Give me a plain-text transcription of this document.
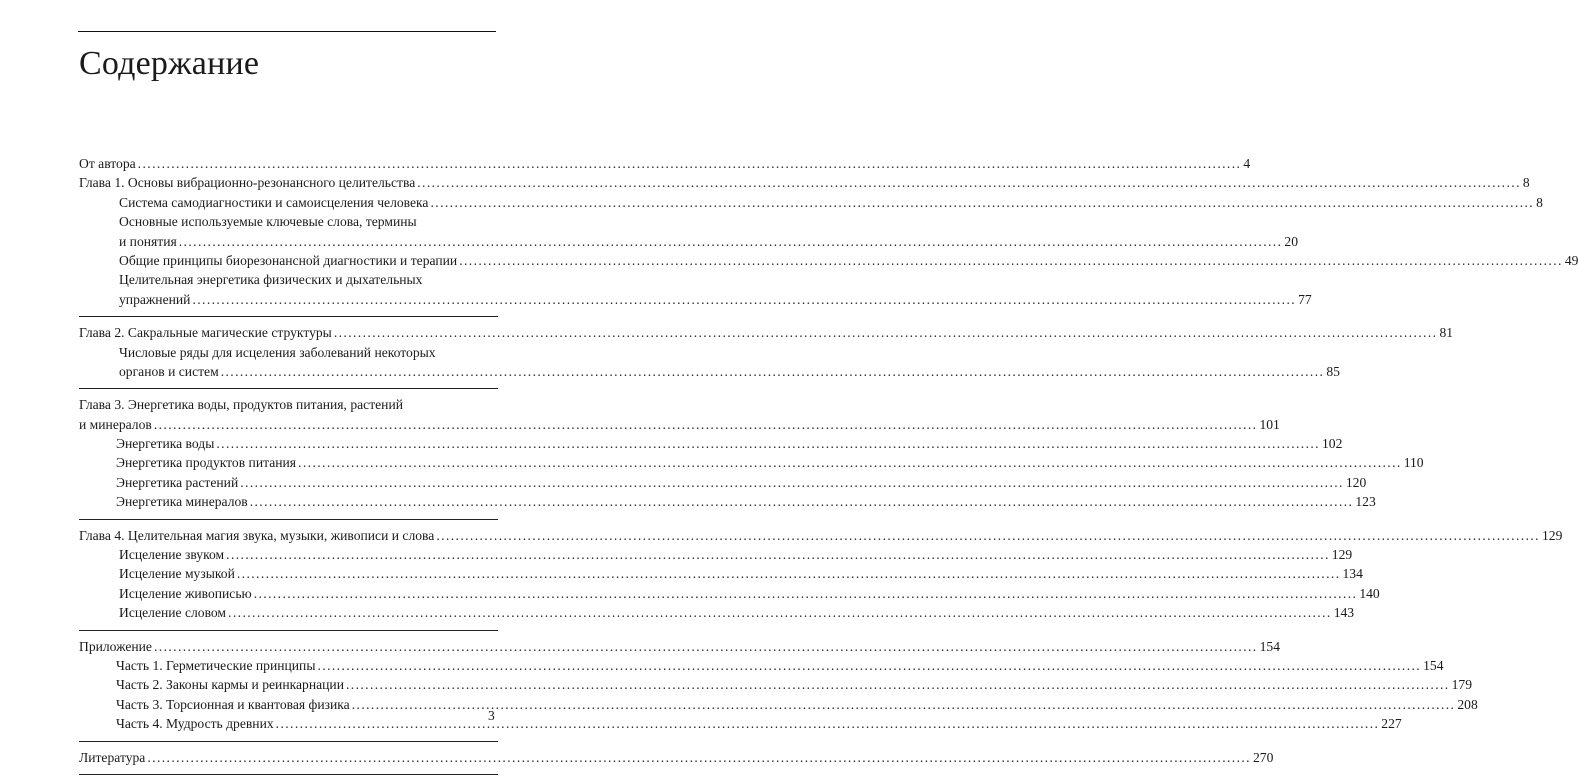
Содержание
От автора .....	4
Глава 1. Основы вибрационно-резонансного целительства .....	8
Система самодиагностики и самоисцеления человека .....	8
Основные используемые ключевые слова, термины
и понятия .....	20
Общие принципы биорезонансной диагностики и терапии .....	49
Целительная энергетика физических и дыхательных
упражнений .....	77
Глава 2. Сакральные магические структуры .....	81
Числовые ряды для исцеления заболеваний некоторых
органов и систем .....	85
Глава 3. Энергетика воды, продуктов питания, растений
и минералов .....	101
Энергетика воды .....	102
Энергетика продуктов питания .....	110
Энергетика растений .....	120
Энергетика минералов .....	123
Глава 4. Целительная магия звука, музыки, живописи и слова .....	129
Исцеление звуком .....	129
Исцеление музыкой .....	134
Исцеление живописью .....	140
Исцеление словом .....	143
Приложение .....	154
Часть 1. Герметические принципы .....	154
Часть 2. Законы кармы и реинкарнации .....	179
Часть 3. Торсионная и квантовая физика .....	208
Часть 4. Мудрость древних .....	227
Литература .....	270
3
